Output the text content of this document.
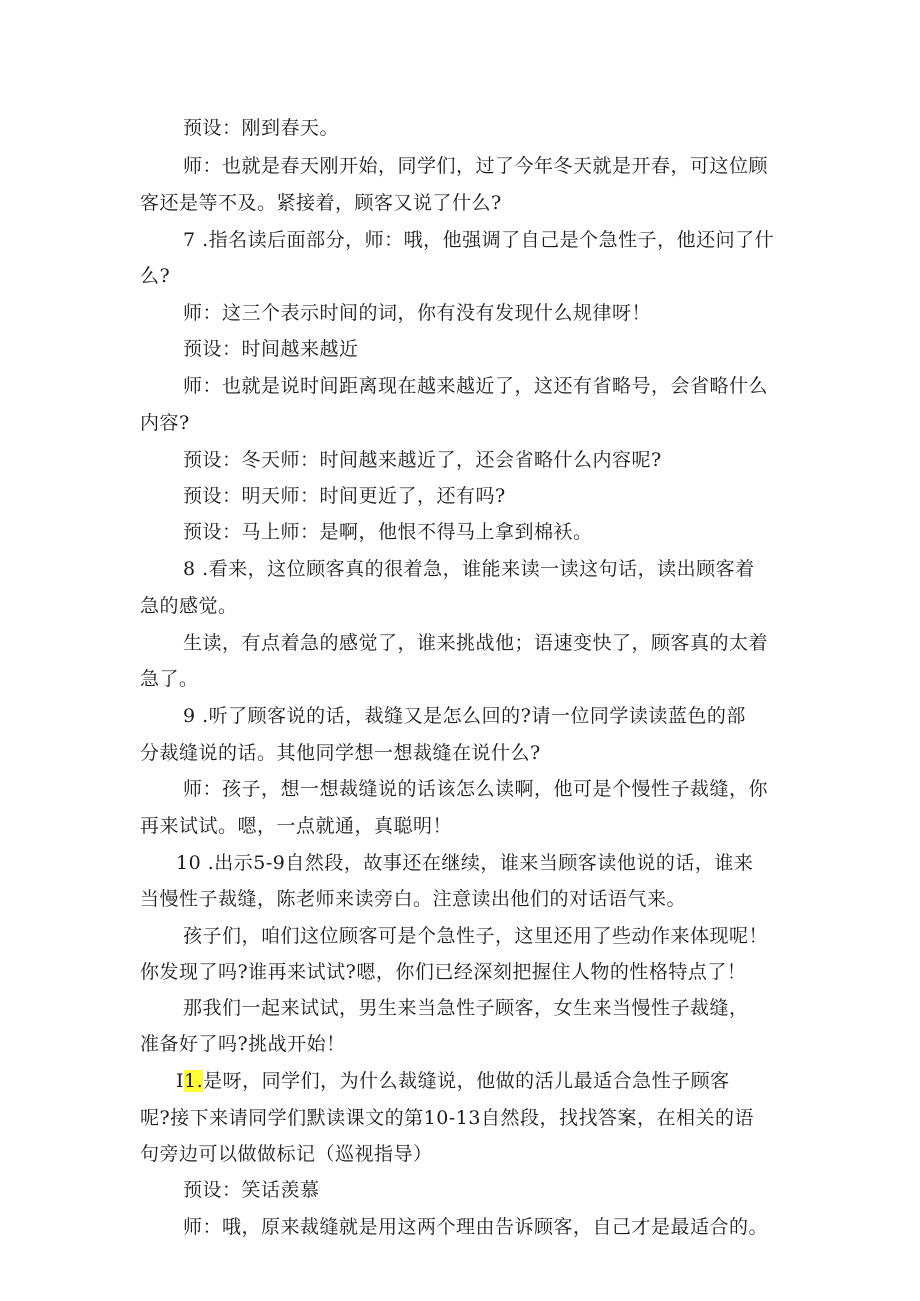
预设：刚到春天。
师：也就是春天刚开始，同学们，过了今年冬天就是开春，可这位顾
客还是等不及。紧接着，顾客又说了什么?
7 .指名读后面部分，师：哦，他强调了自己是个急性子，他还问了什
么?
师：这三个表示时间的词，你有没有发现什么规律呀！
预设：时间越来越近
师：也就是说时间距离现在越来越近了，这还有省略号，会省略什么
内容?
预设：冬天师：时间越来越近了，还会省略什么内容呢?
预设：明天师：时间更近了，还有吗?
预设：马上师：是啊，他恨不得马上拿到棉袄。
8 .看来，这位顾客真的很着急，谁能来读一读这句话，读出顾客着
急的感觉。
生读，有点着急的感觉了，谁来挑战他；语速变快了，顾客真的太着
急了。
9 .听了顾客说的话，裁缝又是怎么回的?请一位同学读读蓝色的部
分裁缝说的话。其他同学想一想裁缝在说什么?
师：孩子，想一想裁缝说的话该怎么读啊，他可是个慢性子裁缝，你
再来试试。嗯，一点就通，真聪明！
10 .出示5-9自然段，故事还在继续，谁来当顾客读他说的话，谁来
当慢性子裁缝，陈老师来读旁白。注意读出他们的对话语气来。
孩子们，咱们这位顾客可是个急性子，这里还用了些动作来体现呢！
你发现了吗?谁再来试试?嗯，你们已经深刻把握住人物的性格特点了！
那我们一起来试试，男生来当急性子顾客，女生来当慢性子裁缝，
准备好了吗?挑战开始！
I1.是呀，同学们，为什么裁缝说，他做的活儿最适合急性子顾客
呢?接下来请同学们默读课文的第10-13自然段，找找答案，在相关的语
句旁边可以做做标记（巡视指导）
预设：笑话羡慕
师：哦，原来裁缝就是用这两个理由告诉顾客，自己才是最适合的。
